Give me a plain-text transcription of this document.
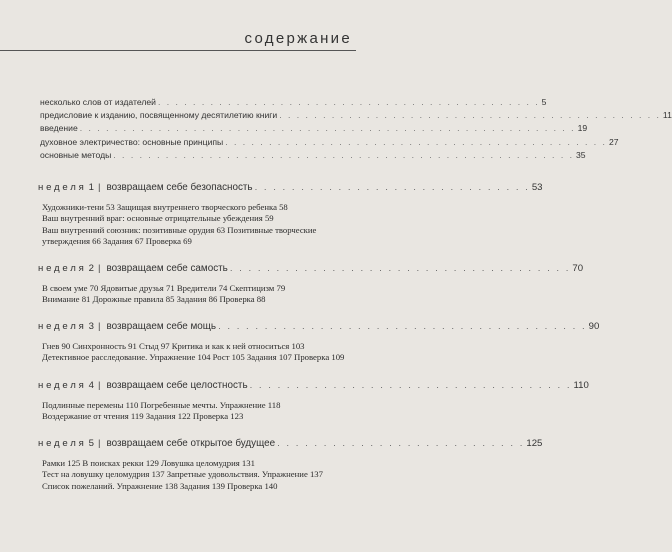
содержание
несколько слов от издателей . . . . . . . . . . . . . . . . . . . . . . . . . . . . . . . . . . . . . . . . . . . . 5
предисловие к изданию, посвященному десятилетию книги . . . . . . . . . . . . . . . . . . . . . . . . . . . . . . . . . . . . . . . . . . . . 11
введение . . . . . . . . . . . . . . . . . . . . . . . . . . . . . . . . . . . . . . . . . . . . . . . . . . . . . . . . . 19
духовное электричество: основные принципы . . . . . . . . . . . . . . . . . . . . . . . . . . . . . . . . . . . . . . . . . . . . 27
основные методы . . . . . . . . . . . . . . . . . . . . . . . . . . . . . . . . . . . . . . . . . . . . . . . . . . . . . 35
неделя 1 | возвращаем себе безопасность . . . . . . . . . . . . . . . . . . . . . . . . . . . . . . 53
Художники-тени 53 Защищая внутреннего творческого ребенка 58
Ваш внутренний враг: основные отрицательные убеждения 59
Ваш внутренний союзник: позитивные орудия 63 Позитивные творческие
утверждения 66 Задания 67 Проверка 69
неделя 2 | возвращаем себе самость . . . . . . . . . . . . . . . . . . . . . . . . . . . . . . . . . . . . . 70
В своем уме 70 Ядовитые друзья 71 Вредители 74 Скептицизм 79
Внимание 81 Дорожные правила 85 Задания 86 Проверка 88
неделя 3 | возвращаем себе мощь . . . . . . . . . . . . . . . . . . . . . . . . . . . . . . . . . . . . . . . . 90
Гнев 90 Синхронность 91 Стыд 97 Критика и как к ней относиться 103
Детективное расследование. Упражнение 104 Рост 105 Задания 107 Проверка 109
неделя 4 | возвращаем себе целостность . . . . . . . . . . . . . . . . . . . . . . . . . . . . . . . . . . . 110
Подлинные перемены 110 Погребенные мечты. Упражнение 118
Воздержание от чтения 119 Задания 122 Проверка 123
неделя 5 | возвращаем себе открытое будущее . . . . . . . . . . . . . . . . . . . . . . . . . . . 125
Рамки 125 В поисках рекки 129 Ловушка целомудрия 131
Тест на ловушку целомудрия 137 Запретные удовольствия. Упражнение 137
Список пожеланий. Упражнение 138 Задания 139 Проверка 140
